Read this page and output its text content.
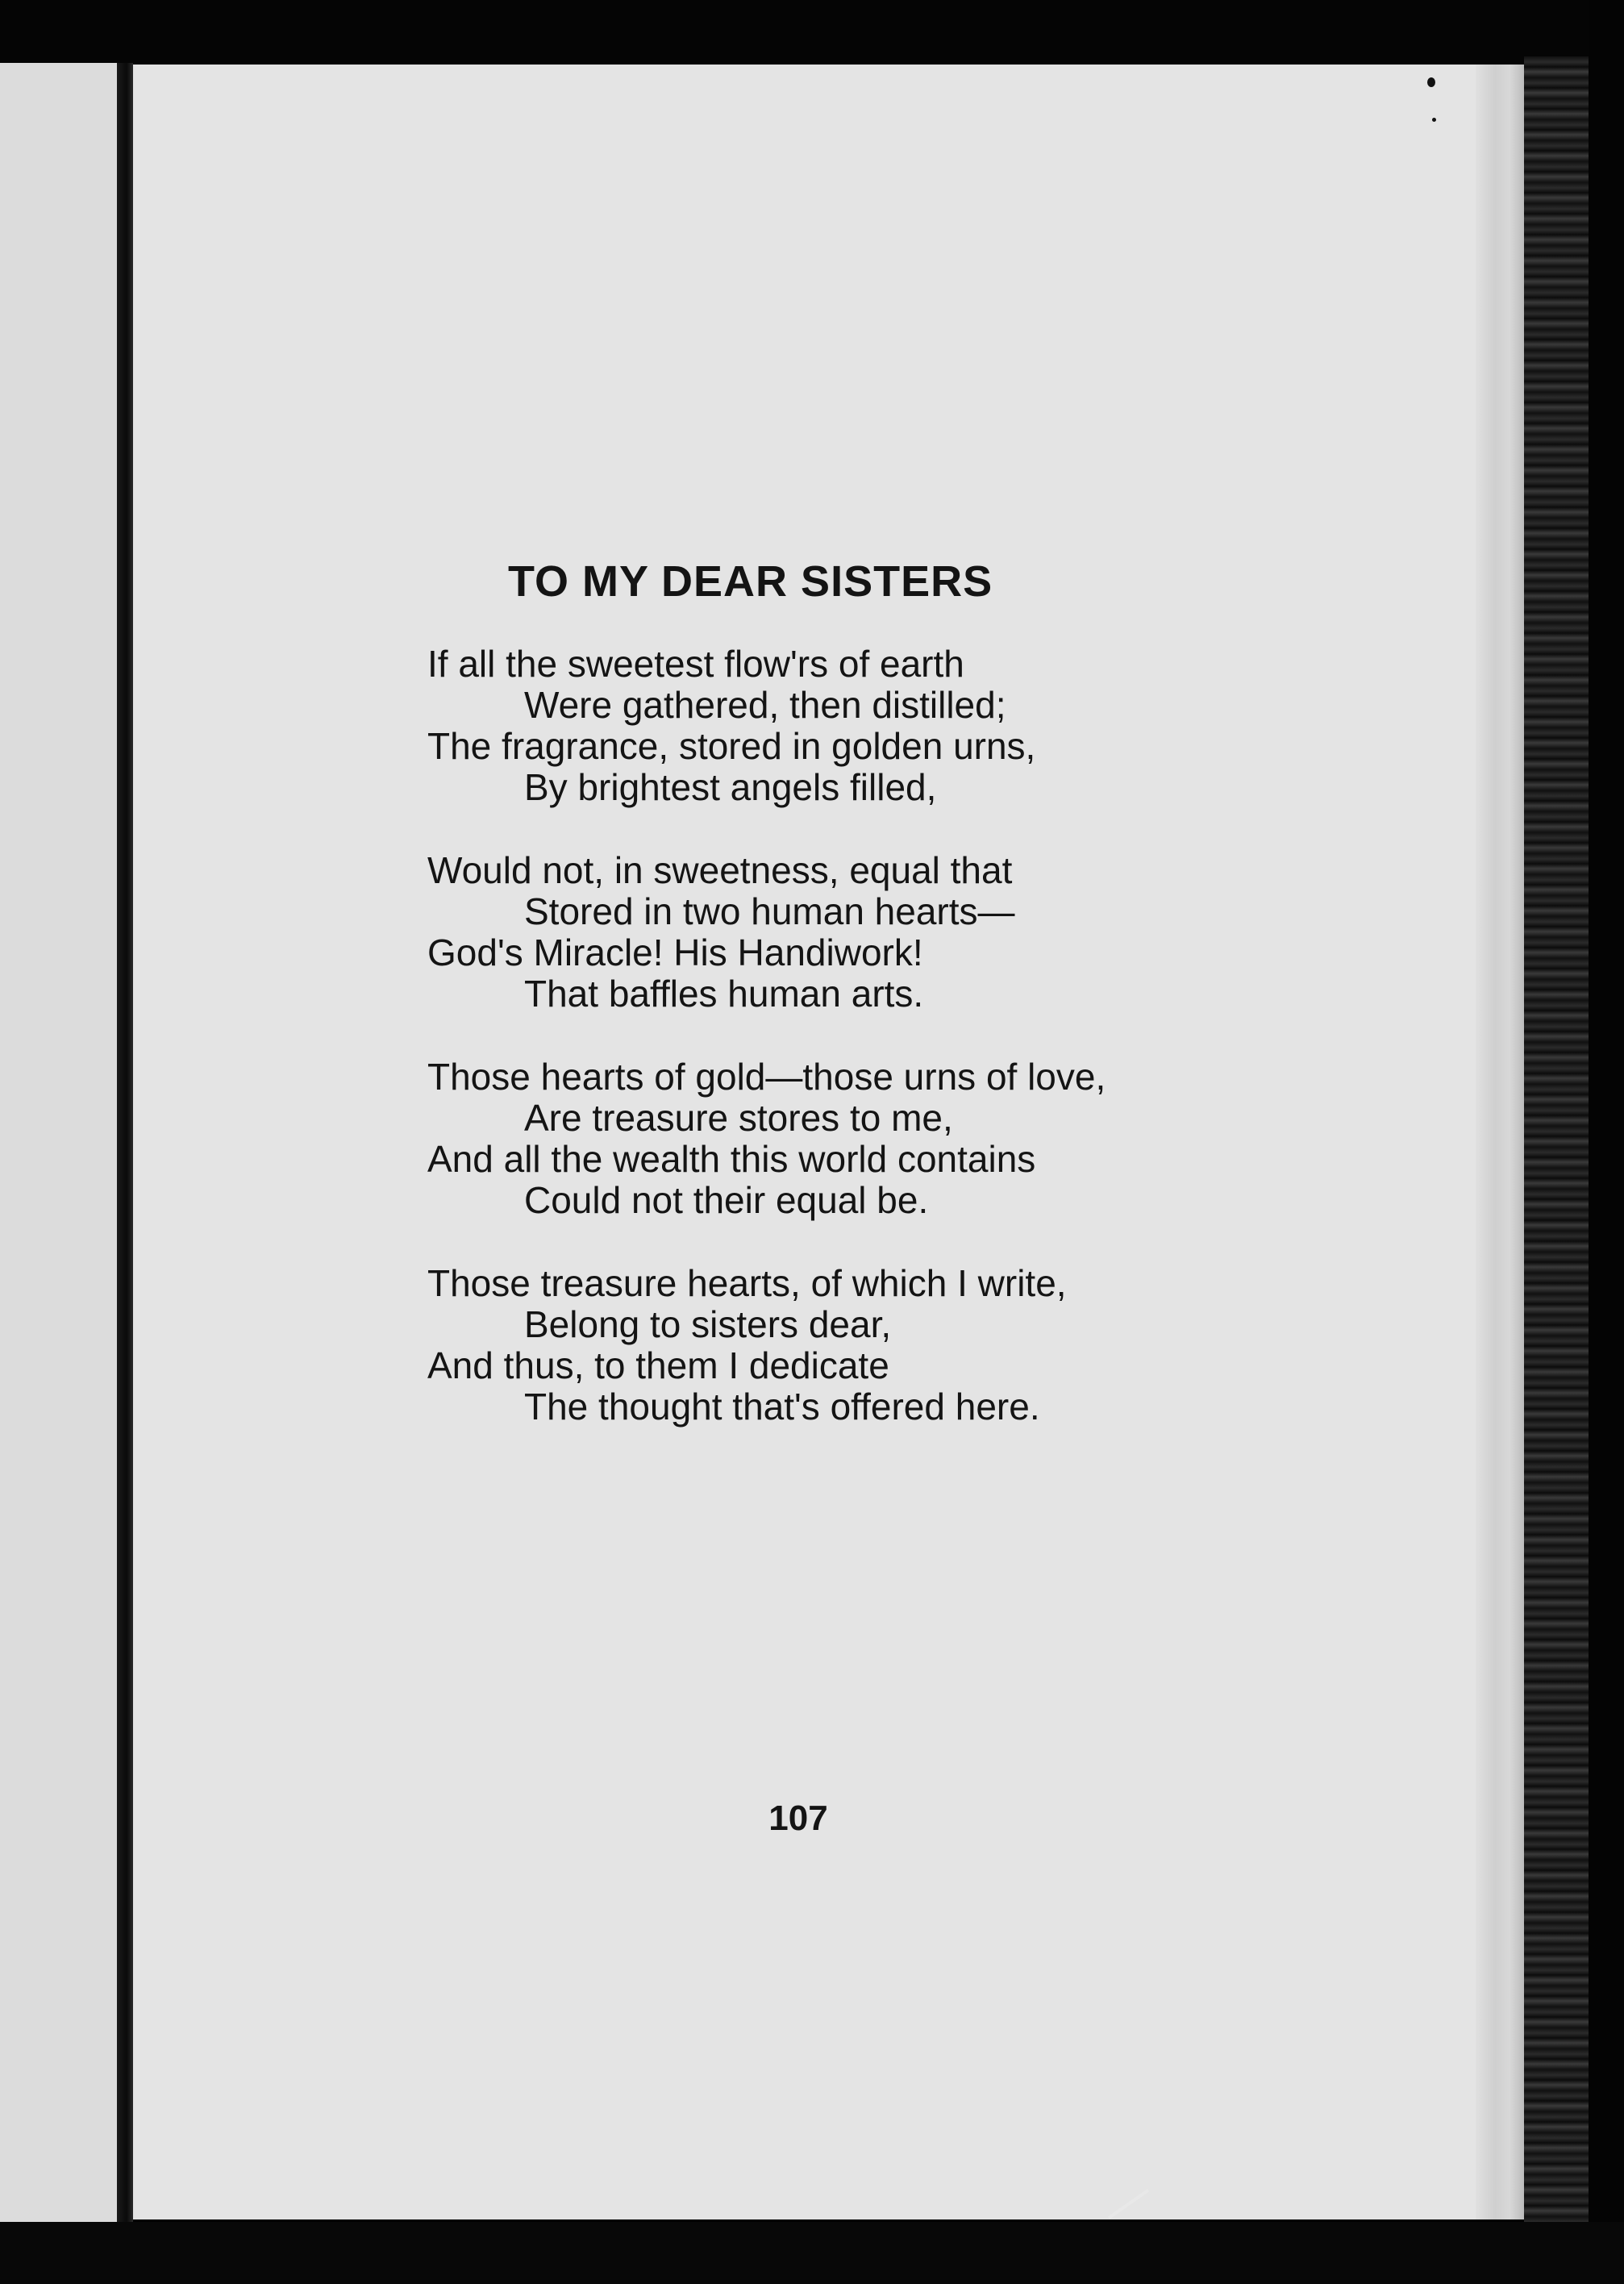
TO MY DEAR SISTERS
If all the sweetest flow'rs of earth
Were gathered, then distilled;
The fragrance, stored in golden urns,
By brightest angels filled,
Would not, in sweetness, equal that
Stored in two human hearts—
God's Miracle! His Handiwork!
That baffles human arts.
Those hearts of gold—those urns of love,
Are treasure stores to me,
And all the wealth this world contains
Could not their equal be.
Those treasure hearts, of which I write,
Belong to sisters dear,
And thus, to them I dedicate
The thought that's offered here.
107
